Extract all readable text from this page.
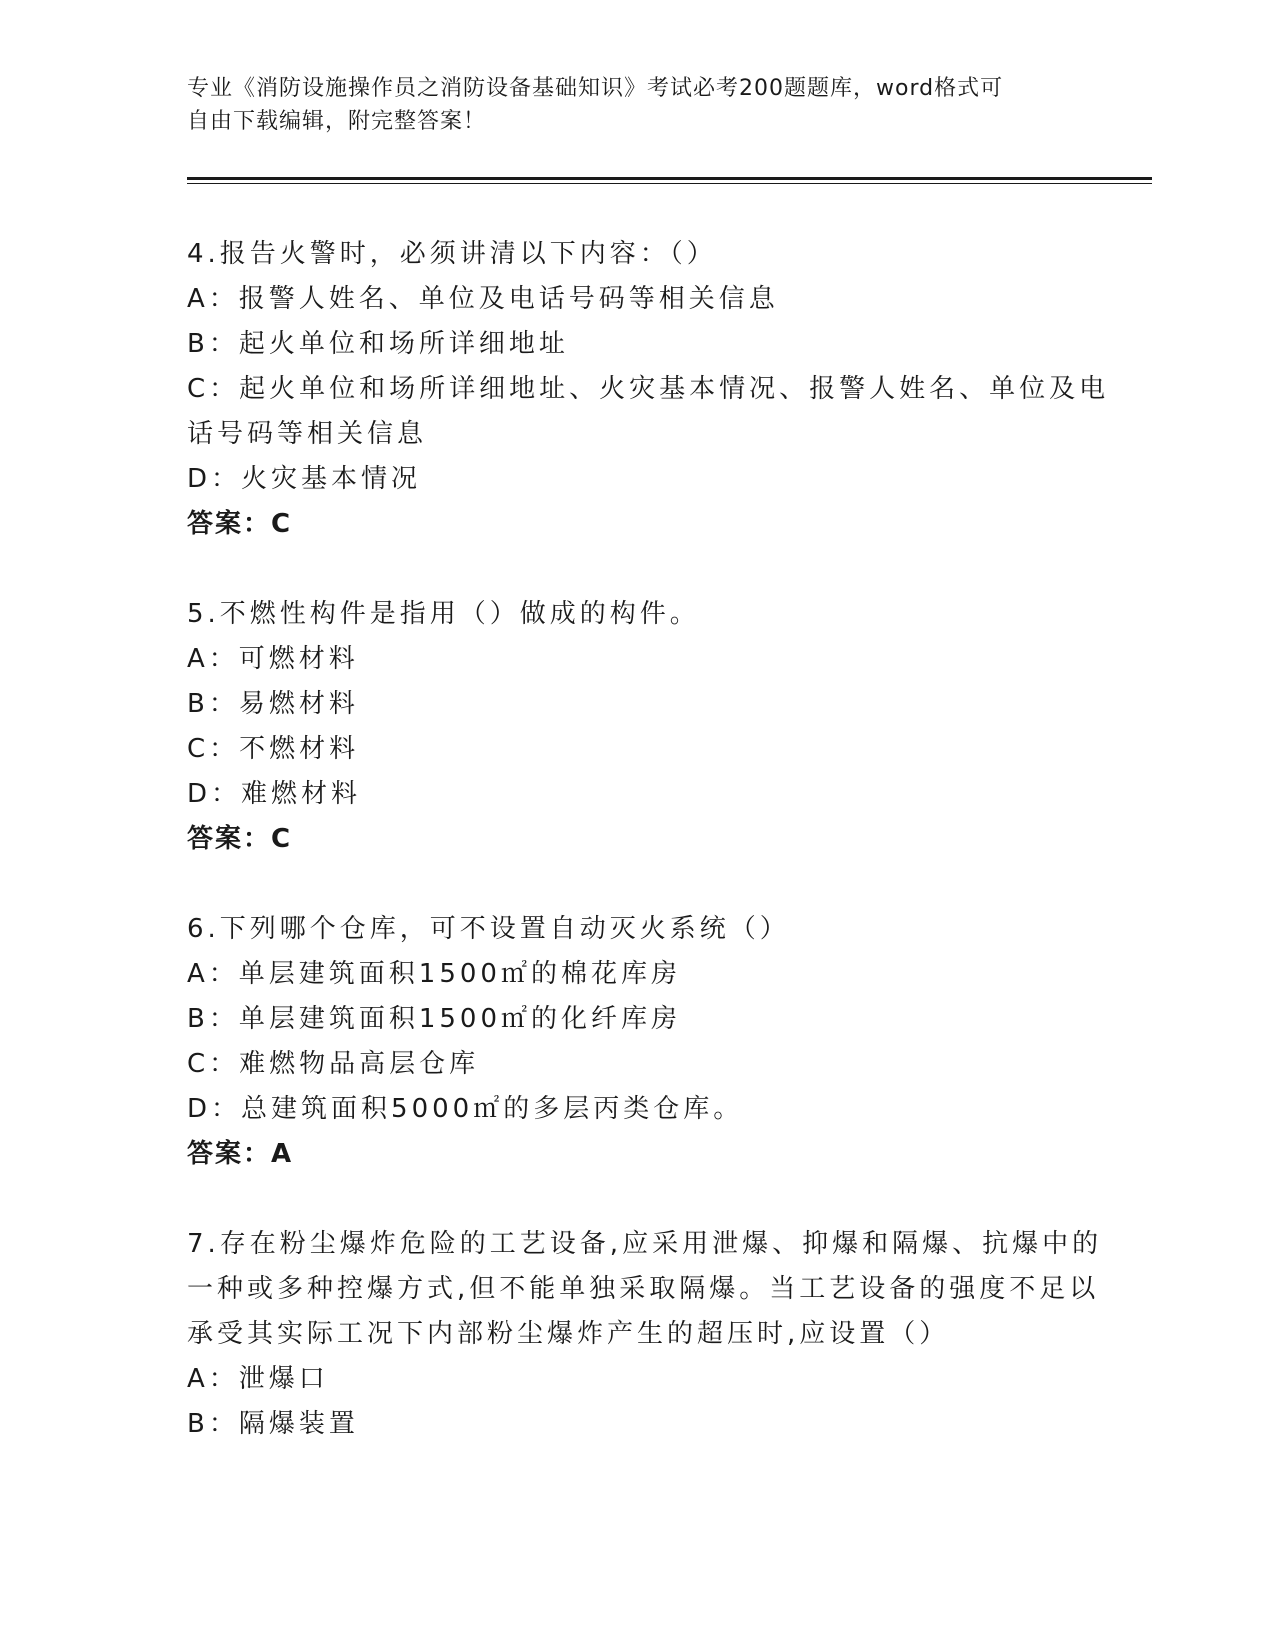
专业《消防设施操作员之消防设备基础知识》考试必考200题题库，word格式可
自由下载编辑，附完整答案！
4.报告火警时，必须讲清以下内容：（）
A：报警人姓名、单位及电话号码等相关信息
B：起火单位和场所详细地址
C：起火单位和场所详细地址、火灾基本情况、报警人姓名、单位及电
话号码等相关信息
D：火灾基本情况
答案：C
5.不燃性构件是指用（）做成的构件。
A：可燃材料
B：易燃材料
C：不燃材料
D：难燃材料
答案：C
6.下列哪个仓库，可不设置自动灭火系统（）
A：单层建筑面积1500㎡的棉花库房
B：单层建筑面积1500㎡的化纤库房
C：难燃物品高层仓库
D：总建筑面积5000㎡的多层丙类仓库。
答案：A
7.存在粉尘爆炸危险的工艺设备,应采用泄爆、抑爆和隔爆、抗爆中的
一种或多种控爆方式,但不能单独采取隔爆。当工艺设备的强度不足以
承受其实际工况下内部粉尘爆炸产生的超压时,应设置（）
A：泄爆口
B：隔爆装置
